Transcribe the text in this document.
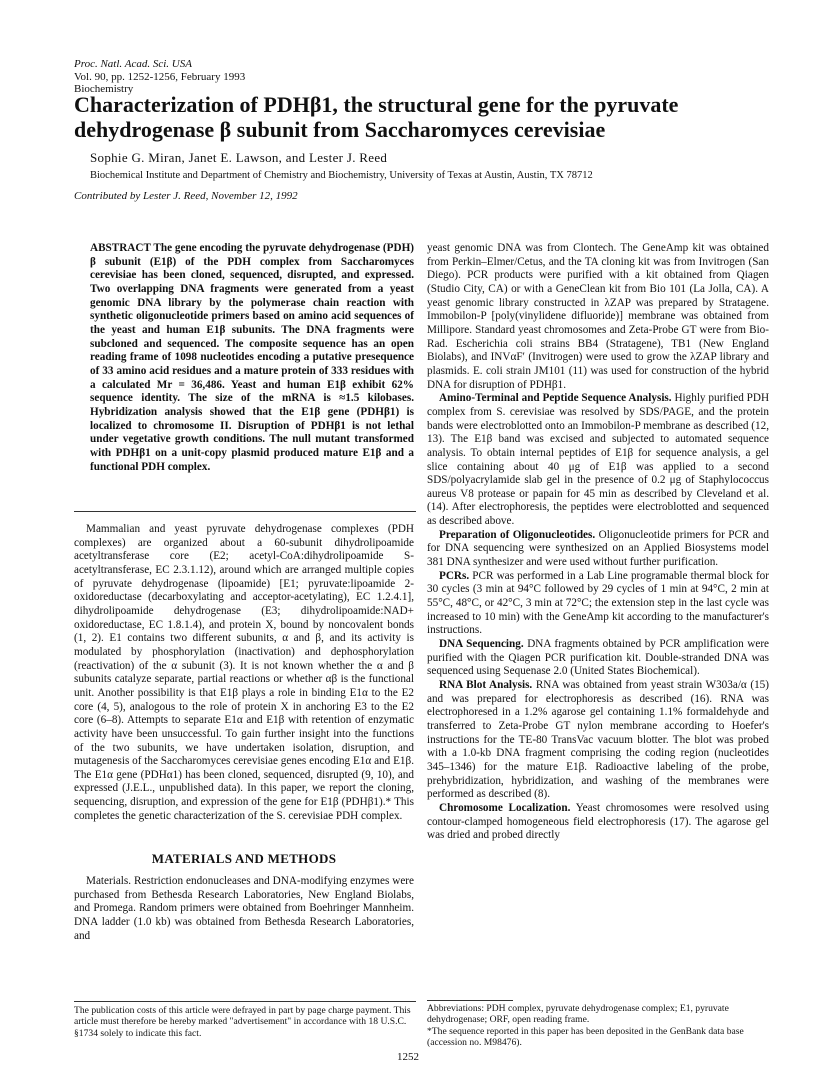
Proc. Natl. Acad. Sci. USA
Vol. 90, pp. 1252-1256, February 1993
Biochemistry
Characterization of PDHβ1, the structural gene for the pyruvate dehydrogenase β subunit from Saccharomyces cerevisiae
Sophie G. Miran, Janet E. Lawson, and Lester J. Reed
Biochemical Institute and Department of Chemistry and Biochemistry, University of Texas at Austin, Austin, TX 78712
Contributed by Lester J. Reed, November 12, 1992

ABSTRACT The gene encoding the pyruvate dehydrogenase (PDH) β subunit (E1β) of the PDH complex from Saccharomyces cerevisiae has been cloned, sequenced, disrupted, and expressed. Two overlapping DNA fragments were generated from a yeast genomic DNA library by the polymerase chain reaction with synthetic oligonucleotide primers based on amino acid sequences of the yeast and human E1β subunits. The DNA fragments were subcloned and sequenced. The composite sequence has an open reading frame of 1098 nucleotides encoding a putative presequence of 33 amino acid residues and a mature protein of 333 residues with a calculated Mr = 36,486. Yeast and human E1β exhibit 62% sequence identity. The size of the mRNA is ≈1.5 kilobases. Hybridization analysis showed that the E1β gene (PDHβ1) is localized to chromosome II. Disruption of PDHβ1 is not lethal under vegetative growth conditions. The null mutant transformed with PDHβ1 on a unit-copy plasmid produced mature E1β and a functional PDH complex.

Mammalian and yeast pyruvate dehydrogenase complexes (PDH complexes) are organized about a 60-subunit dihydrolipoamide acetyltransferase core (E2; acetyl-CoA:dihydrolipoamide S-acetyltransferase, EC 2.3.1.12), around which are arranged multiple copies of pyruvate dehydrogenase (lipoamide) [E1; pyruvate:lipoamide 2-oxidoreductase (decarboxylating and acceptor-acetylating), EC 1.2.4.1], dihydrolipoamide dehydrogenase (E3; dihydrolipoamide:NAD+ oxidoreductase, EC 1.8.1.4), and protein X, bound by noncovalent bonds (1, 2). E1 contains two different subunits, α and β, and its activity is modulated by phosphorylation (inactivation) and dephosphorylation (reactivation) of the α subunit (3). It is not known whether the α and β subunits catalyze separate, partial reactions or whether αβ is the functional unit. Another possibility is that E1β plays a role in binding E1α to the E2 core (4, 5), analogous to the role of protein X in anchoring E3 to the E2 core (6–8). Attempts to separate E1α and E1β with retention of enzymatic activity have been unsuccessful. To gain further insight into the functions of the two subunits, we have undertaken isolation, disruption, and mutagenesis of the Saccharomyces cerevisiae genes encoding E1α and E1β. The E1α gene (PDHα1) has been cloned, sequenced, disrupted (9, 10), and expressed (J.E.L., unpublished data). In this paper, we report the cloning, sequencing, disruption, and expression of the gene for E1β (PDHβ1).* This completes the genetic characterization of the S. cerevisiae PDH complex.

MATERIALS AND METHODS

Materials. Restriction endonucleases and DNA-modifying enzymes were purchased from Bethesda Research Laboratories, New England Biolabs, and Promega. Random primers were obtained from Boehringer Mannheim. DNA ladder (1.0 kb) was obtained from Bethesda Research Laboratories, and

The publication costs of this article were defrayed in part by page charge payment. This article must therefore be hereby marked "advertisement" in accordance with 18 U.S.C. §1734 solely to indicate this fact.

yeast genomic DNA was from Clontech. The GeneAmp kit was obtained from Perkin–Elmer/Cetus, and the TA cloning kit was from Invitrogen (San Diego). PCR products were purified with a kit obtained from Qiagen (Studio City, CA) or with a GeneClean kit from Bio 101 (La Jolla, CA). A yeast genomic library constructed in λZAP was prepared by Stratagene. Immobilon-P [poly(vinylidene difluoride)] membrane was obtained from Millipore. Standard yeast chromosomes and Zeta-Probe GT were from Bio-Rad. Escherichia coli strains BB4 (Stratagene), TB1 (New England Biolabs), and INVαF′ (Invitrogen) were used to grow the λZAP library and plasmids. E. coli strain JM101 (11) was used for construction of the hybrid DNA for disruption of PDHβ1.

Amino-Terminal and Peptide Sequence Analysis. Highly purified PDH complex from S. cerevisiae was resolved by SDS/PAGE, and the protein bands were electroblotted onto an Immobilon-P membrane as described (12, 13). The E1β band was excised and subjected to automated sequence analysis. To obtain internal peptides of E1β for sequence analysis, a gel slice containing about 40 μg of E1β was applied to a second SDS/polyacrylamide slab gel in the presence of 0.2 μg of Staphylococcus aureus V8 protease or papain for 45 min as described by Cleveland et al. (14). After electrophoresis, the peptides were electroblotted and sequenced as described above.

Preparation of Oligonucleotides. Oligonucleotide primers for PCR and for DNA sequencing were synthesized on an Applied Biosystems model 381 DNA synthesizer and were used without further purification.

PCRs. PCR was performed in a Lab Line programable thermal block for 30 cycles (3 min at 94°C followed by 29 cycles of 1 min at 94°C, 2 min at 55°C, 48°C, or 42°C, 3 min at 72°C; the extension step in the last cycle was increased to 10 min) with the GeneAmp kit according to the manufacturer's instructions.

DNA Sequencing. DNA fragments obtained by PCR amplification were purified with the Qiagen PCR purification kit. Double-stranded DNA was sequenced using Sequenase 2.0 (United States Biochemical).

RNA Blot Analysis. RNA was obtained from yeast strain W303a/α (15) and was prepared for electrophoresis as described (16). RNA was electrophoresed in a 1.2% agarose gel containing 1.1% formaldehyde and transferred to Zeta-Probe GT nylon membrane according to Hoefer's instructions for the TE-80 TransVac vacuum blotter. The blot was probed with a 1.0-kb DNA fragment comprising the coding region (nucleotides 345–1346) for the mature E1β. Radioactive labeling of the probe, prehybridization, hybridization, and washing of the membranes were performed as described (8).

Chromosome Localization. Yeast chromosomes were resolved using contour-clamped homogeneous field electrophoresis (17). The agarose gel was dried and probed directly

Abbreviations: PDH complex, pyruvate dehydrogenase complex; E1, pyruvate dehydrogenase; ORF, open reading frame.
*The sequence reported in this paper has been deposited in the GenBank data base (accession no. M98476).
1252
